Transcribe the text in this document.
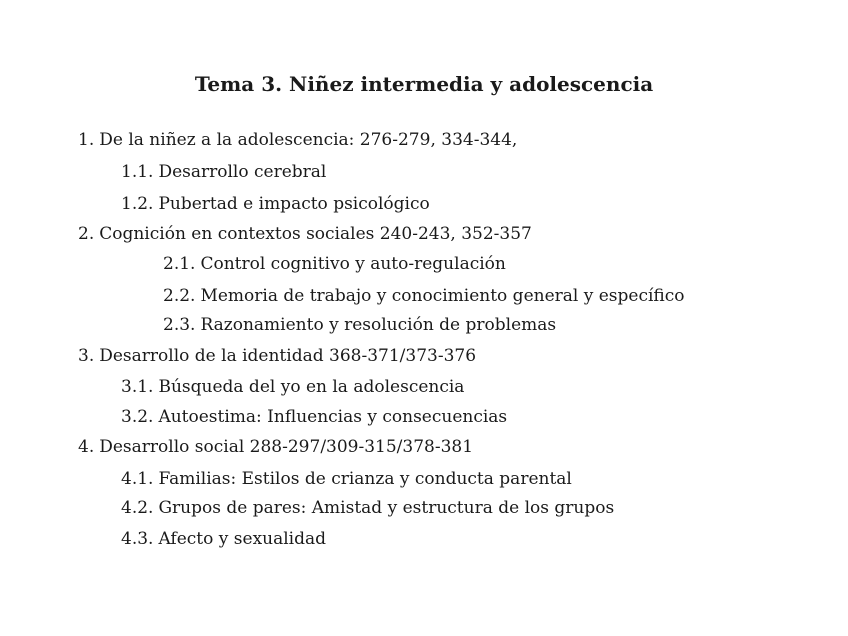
Tema 3. Niñez intermedia y adolescencia
1. De la niñez a la adolescencia: 276-279, 334-344,
1.1. Desarrollo cerebral
1.2. Pubertad e impacto psicológico
2. Cognición en contextos sociales 240-243, 352-357
2.1. Control cognitivo y auto-regulación
2.2. Memoria de trabajo y conocimiento general y específico
2.3. Razonamiento y resolución de problemas
3. Desarrollo de la identidad 368-371/373-376
3.1. Búsqueda del yo en la adolescencia
3.2. Autoestima: Influencias y consecuencias
4. Desarrollo social 288-297/309-315/378-381
4.1. Familias: Estilos de crianza y conducta parental
4.2. Grupos de pares: Amistad y estructura de los grupos
4.3. Afecto y sexualidad
